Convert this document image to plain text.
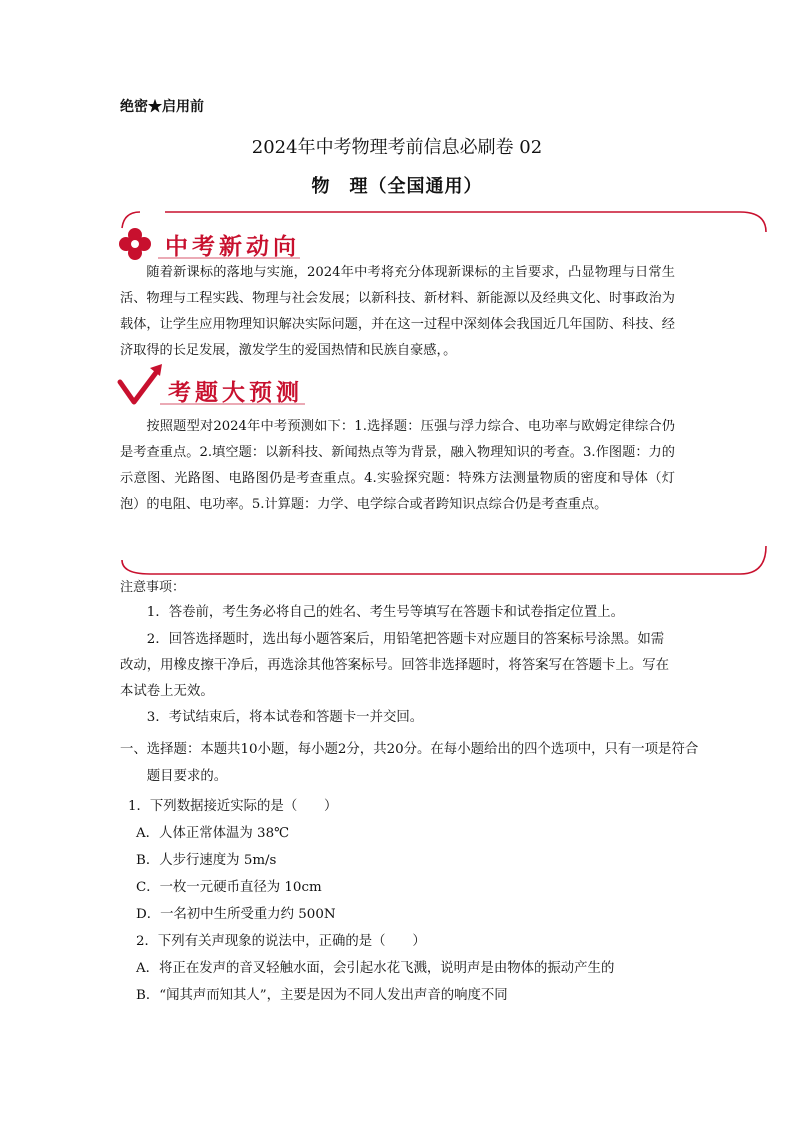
绝密★启用前
2024年中考物理考前信息必刷卷 02
物　理（全国通用）
中考新动向
随着新课标的落地与实施，2024年中考将充分体现新课标的主旨要求，凸显物理与日常生活、物理与工程实践、物理与社会发展；以新科技、新材料、新能源以及经典文化、时事政治为载体，让学生应用物理知识解决实际问题，并在这一过程中深刻体会我国近几年国防、科技、经济取得的长足发展，激发学生的爱国热情和民族自豪感，。
考题大预测
按照题型对2024年中考预测如下：1.选择题：压强与浮力综合、电功率与欧姆定律综合仍是考查重点。2.填空题：以新科技、新闻热点等为背景，融入物理知识的考查。3.作图题：力的示意图、光路图、电路图仍是考查重点。4.实验探究题：特殊方法测量物质的密度和导体（灯泡）的电阻、电功率。5.计算题：力学、电学综合或者跨知识点综合仍是考查重点。
注意事项：
1．答卷前，考生务必将自己的姓名、考生号等填写在答题卡和试卷指定位置上。
2．回答选择题时，选出每小题答案后，用铅笔把答题卡对应题目的答案标号涂黑。如需改动，用橡皮擦干净后，再选涂其他答案标号。回答非选择题时，将答案写在答题卡上。写在本试卷上无效。
3．考试结束后，将本试卷和答题卡一并交回。
一、选择题：本题共10小题，每小题2分，共20分。在每小题给出的四个选项中，只有一项是符合题目要求的。
1．下列数据接近实际的是（　　）
A．人体正常体温为 38℃
B．人步行速度为 5m/s
C．一枚一元硬币直径为 10cm
D．一名初中生所受重力约 500N
2．下列有关声现象的说法中，正确的是（　　）
A．将正在发声的音叉轻触水面，会引起水花飞溅，说明声是由物体的振动产生的
B．“闻其声而知其人”，主要是因为不同人发出声音的响度不同
